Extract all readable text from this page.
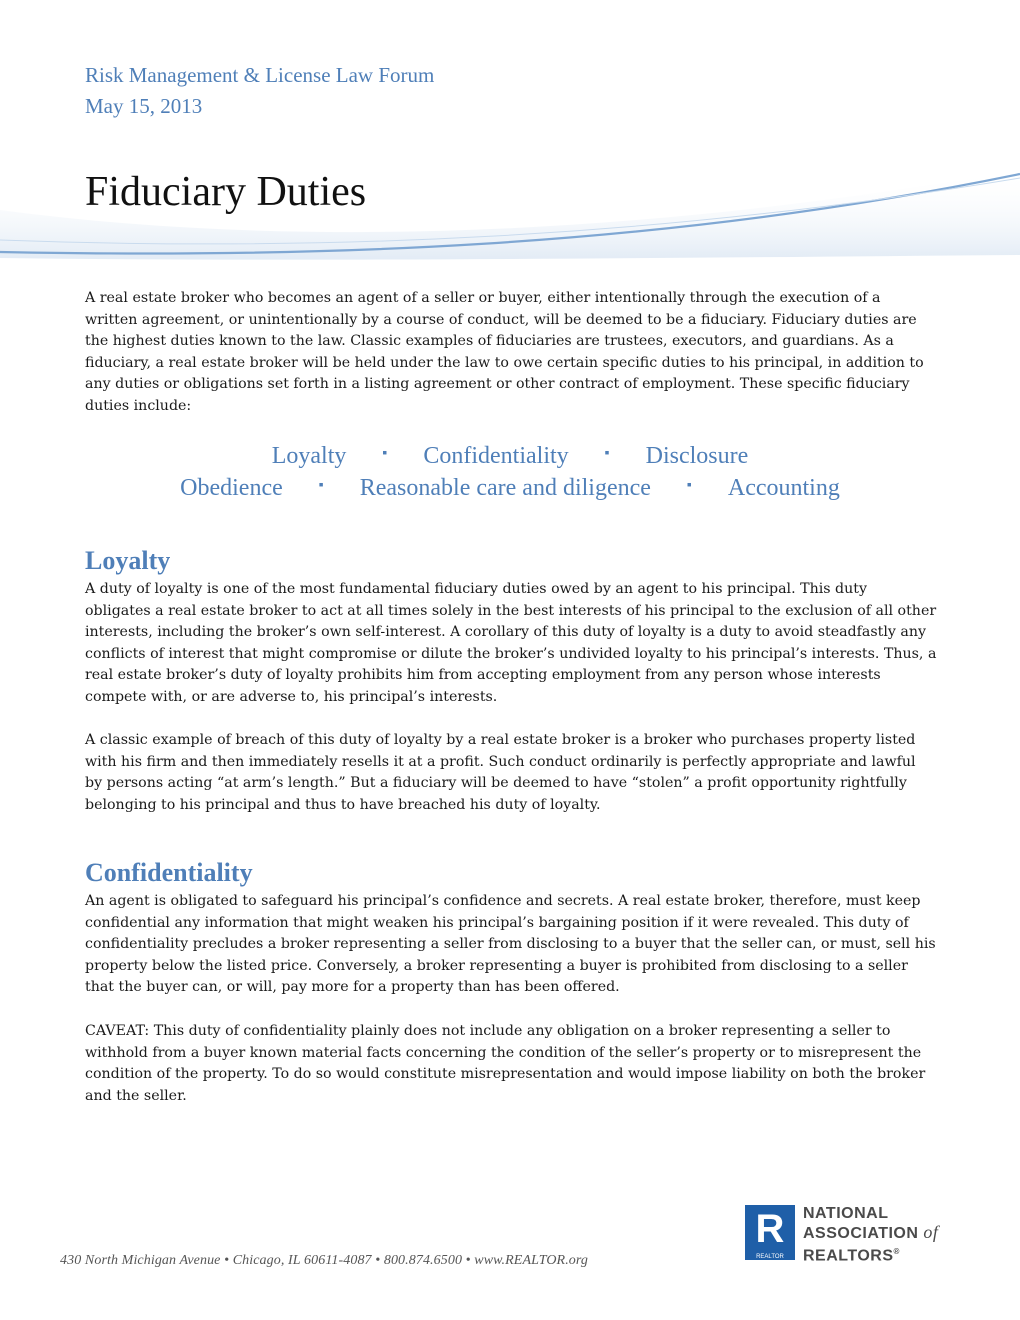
Risk Management & License Law Forum
May 15, 2013
Fiduciary Duties

A real estate broker who becomes an agent of a seller or buyer, either intentionally through the execution of a written agreement, or unintentionally by a course of conduct, will be deemed to be a fiduciary. Fiduciary duties are the highest duties known to the law. Classic examples of fiduciaries are trustees, executors, and guardians. As a fiduciary, a real estate broker will be held under the law to owe certain specific duties to his principal, in addition to any duties or obligations set forth in a listing agreement or other contract of employment. These specific fiduciary duties include:

Loyalty	▪ Confidentiality	▪ Disclosure
Obedience	▪ Reasonable care and diligence	▪ Accounting
Loyalty

A duty of loyalty is one of the most fundamental fiduciary duties owed by an agent to his principal. This duty obligates a real estate broker to act at all times solely in the best interests of his principal to the exclusion of all other interests, including the broker’s own self-interest. A corollary of this duty of loyalty is a duty to avoid steadfastly any conflicts of interest that might compromise or dilute the broker’s undivided loyalty to his principal’s interests. Thus, a real estate broker’s duty of loyalty prohibits him from accepting employment from any person whose interests compete with, or are adverse to, his principal’s interests.

A classic example of breach of this duty of loyalty by a real estate broker is a broker who purchases property listed with his firm and then immediately resells it at a profit. Such conduct ordinarily is perfectly appropriate and lawful by persons acting “at arm’s length.” But a fiduciary will be deemed to have “stolen” a profit opportunity rightfully belonging to his principal and thus to have breached his duty of loyalty.

Confidentiality

An agent is obligated to safeguard his principal’s confidence and secrets. A real estate broker, therefore, must keep confidential any information that might weaken his principal’s bargaining position if it were revealed. This duty of confidentiality precludes a broker representing a seller from disclosing to a buyer that the seller can, or must, sell his property below the listed price. Conversely, a broker representing a buyer is prohibited from disclosing to a seller that the buyer can, or will, pay more for a property than has been offered.

CAVEAT: This duty of confidentiality plainly does not include any obligation on a broker representing a seller to withhold from a buyer known material facts concerning the condition of the seller’s property or to misrepresent the condition of the property. To do so would constitute misrepresentation and would impose liability on both the broker and the seller.

430 North Michigan Avenue • Chicago, IL 60611-4087 • 800.874.6500 • www.REALTOR.org
R
REALTOR
NATIONAL
ASSOCIATION of
REALTORS®
